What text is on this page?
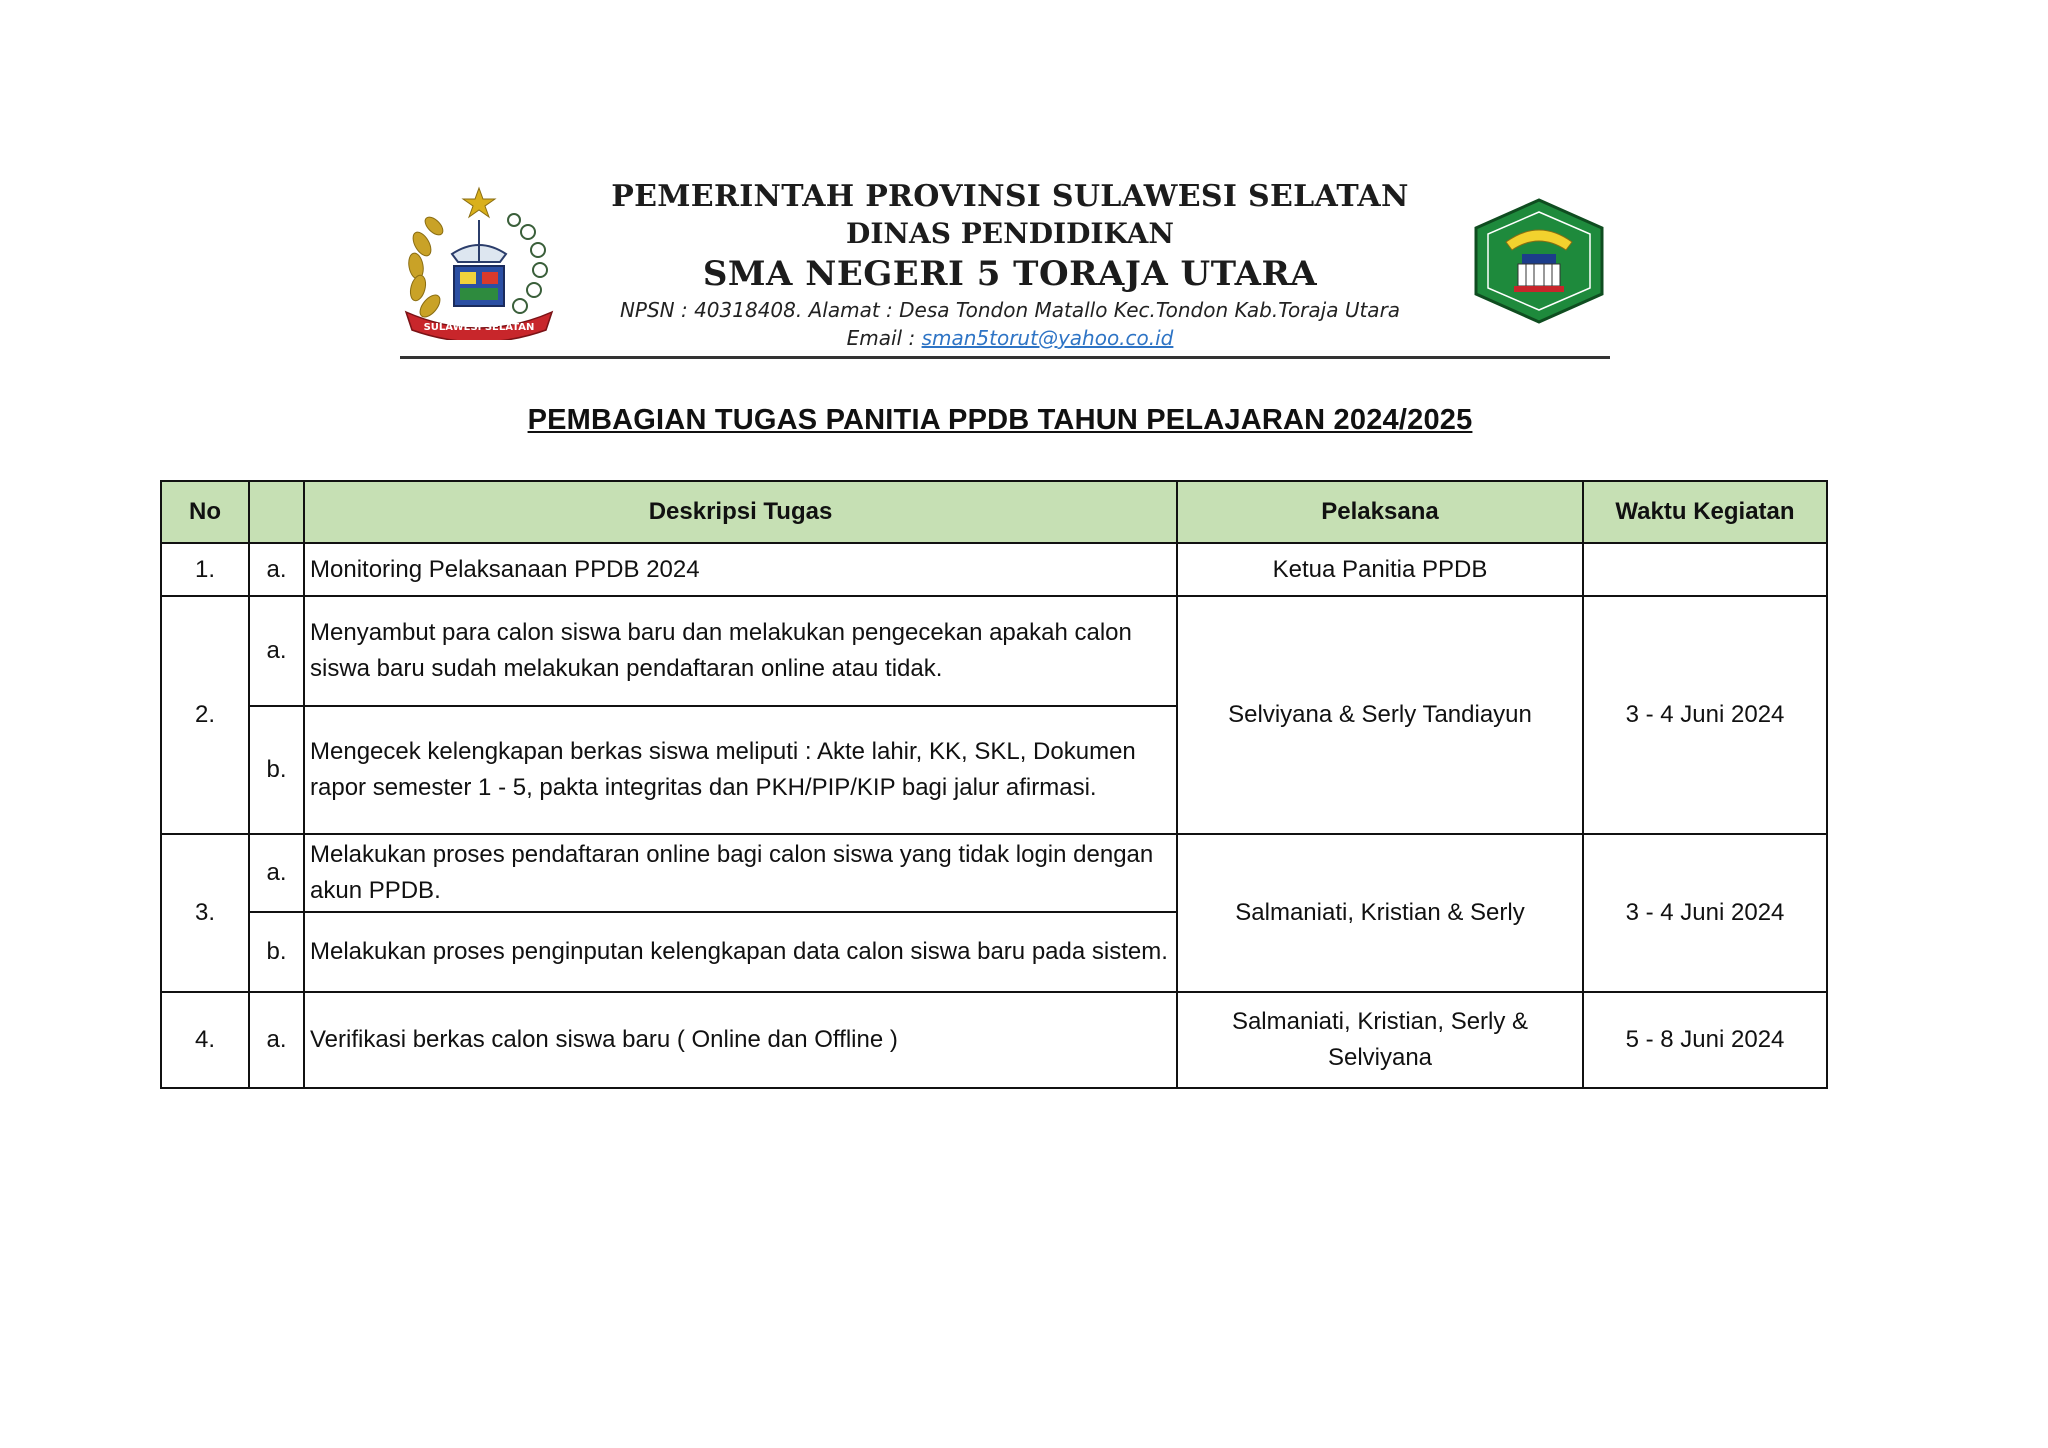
SULAWESI SELATAN
PEMERINTAH PROVINSI SULAWESI SELATAN
DINAS PENDIDIKAN
SMA NEGERI 5 TORAJA UTARA
NPSN : 40318408. Alamat : Desa Tondon Matallo Kec.Tondon Kab.Toraja Utara
Email : sman5torut@yahoo.co.id
PEMBAGIAN TUGAS PANITIA PPDB TAHUN PELAJARAN 2024/2025
No		Deskripsi Tugas	Pelaksana	Waktu Kegiatan
1.	a.	Monitoring Pelaksanaan PPDB 2024	Ketua Panitia PPDB	
2.	a.	Menyambut para calon siswa baru dan melakukan pengecekan apakah calon siswa baru sudah melakukan pendaftaran online atau tidak.	Selviyana & Serly Tandiayun	3 - 4 Juni 2024
	b.	Mengecek kelengkapan berkas siswa meliputi : Akte lahir, KK, SKL, Dokumen rapor semester 1 - 5, pakta integritas dan PKH/PIP/KIP bagi jalur afirmasi.		
3.	a.	Melakukan proses pendaftaran online bagi calon siswa yang tidak login dengan akun PPDB.	Salmaniati, Kristian & Serly	3 - 4 Juni 2024
	b.	Melakukan proses penginputan kelengkapan data calon siswa baru pada sistem.		
4.	a.	Verifikasi berkas calon siswa baru ( Online dan Offline )	Salmaniati, Kristian, Serly & Selviyana	5 - 8 Juni 2024
